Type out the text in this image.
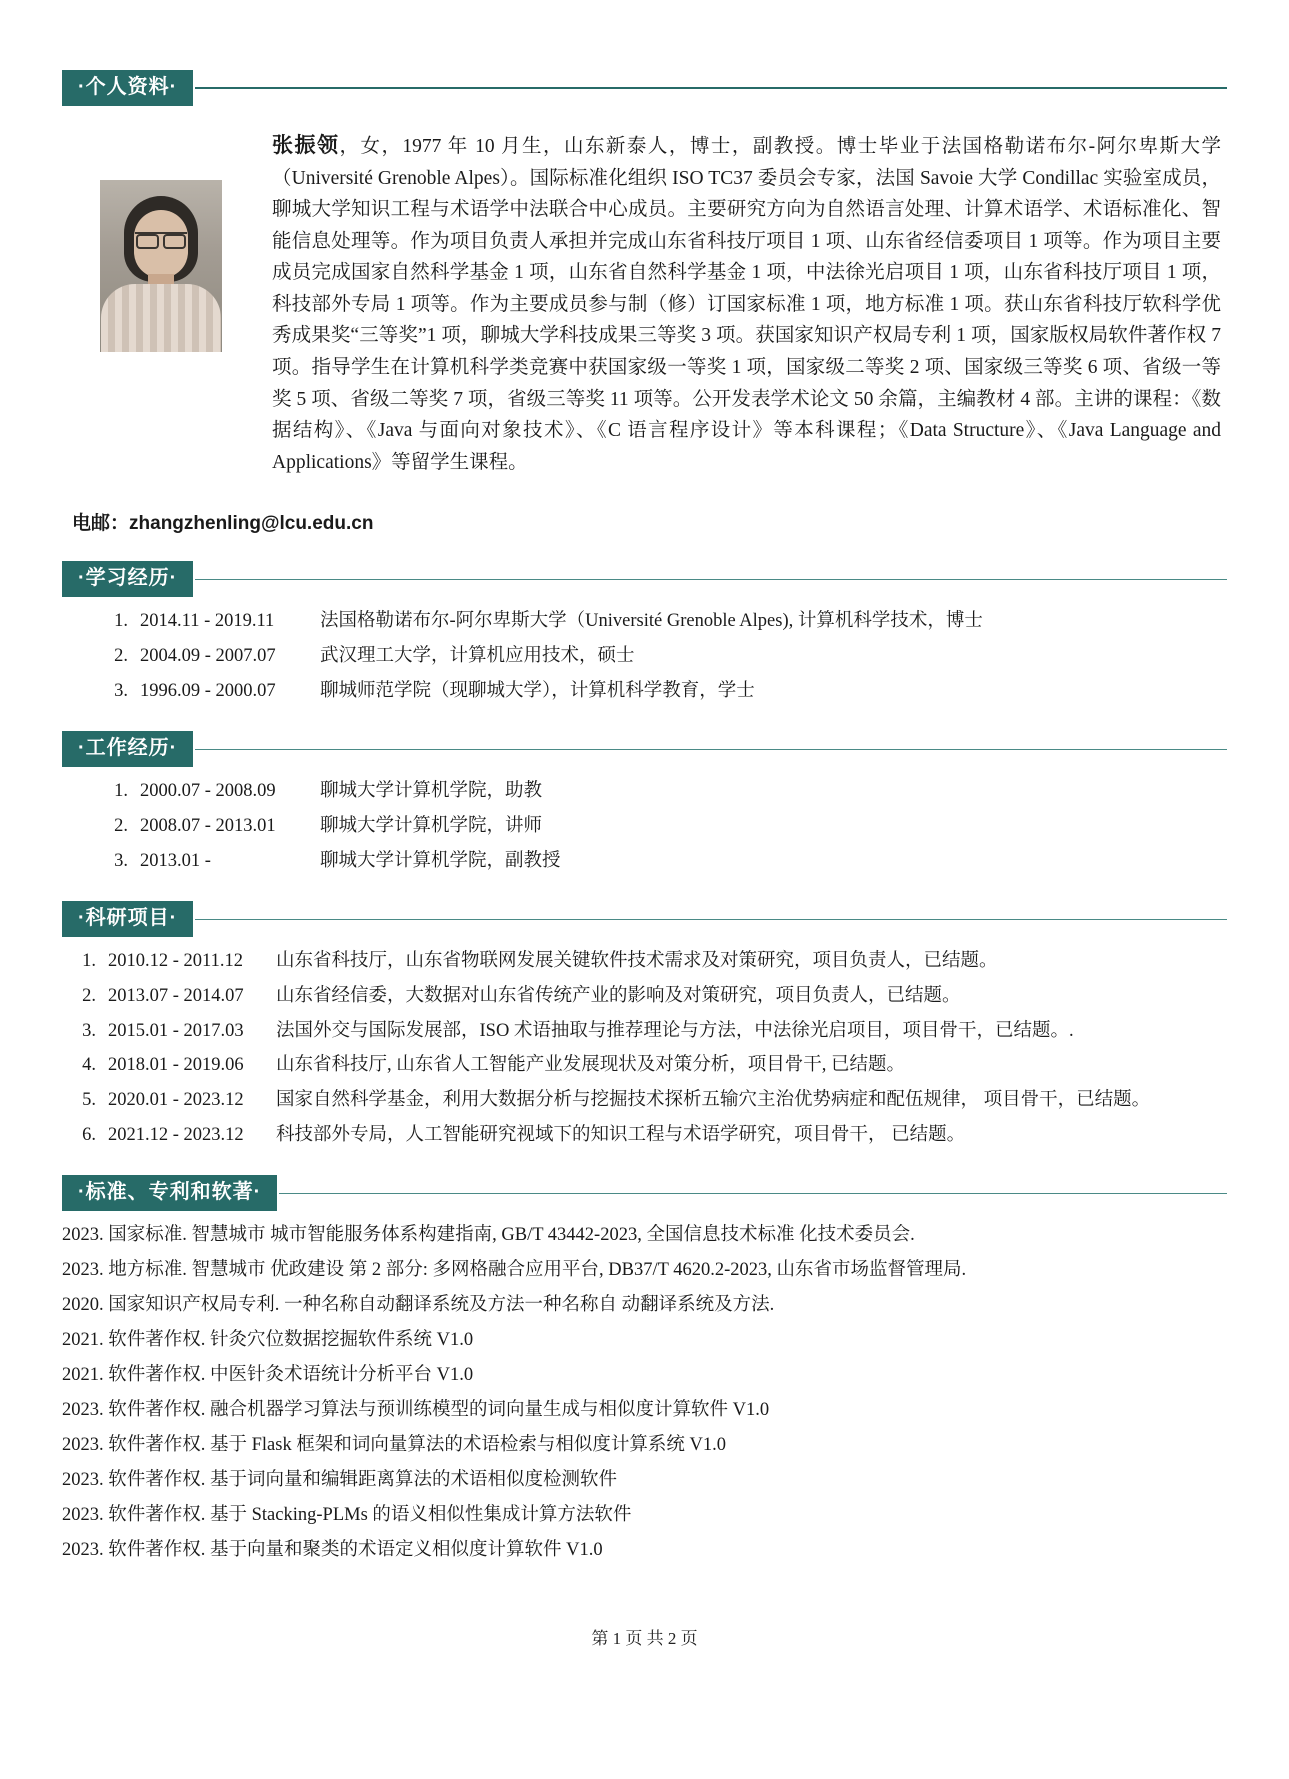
·个人资料·

张振领，女，1977 年 10 月生，山东新泰人，博士，副教授。博士毕业于法国格勒诺布尔-阿尔卑斯大学（Université Grenoble Alpes）。国际标准化组织 ISO TC37 委员会专家，法国 Savoie 大学 Condillac 实验室成员，聊城大学知识工程与术语学中法联合中心成员。主要研究方向为自然语言处理、计算术语学、术语标准化、智能信息处理等。作为项目负责人承担并完成山东省科技厅项目 1 项、山东省经信委项目 1 项等。作为项目主要成员完成国家自然科学基金 1 项，山东省自然科学基金 1 项，中法徐光启项目 1 项，山东省科技厅项目 1 项，科技部外专局 1 项等。作为主要成员参与制（修）订国家标准 1 项，地方标准 1 项。获山东省科技厅软科学优秀成果奖“三等奖”1 项，聊城大学科技成果三等奖 3 项。获国家知识产权局专利 1 项，国家版权局软件著作权 7 项。指导学生在计算机科学类竞赛中获国家级一等奖 1 项，国家级二等奖 2 项、国家级三等奖 6 项、省级一等奖 5 项、省级二等奖 7 项，省级三等奖 11 项等。公开发表学术论文 50 余篇，主编教材 4 部。主讲的课程：《数据结构》、《Java 与面向对象技术》、《C 语言程序设计》等本科课程；《Data Structure》、《Java Language and Applications》等留学生课程。

电邮：zhangzhenling@lcu.edu.cn
·学习经历·
1. 2014.11 - 2019.11	法国格勒诺布尔-阿尔卑斯大学（Université Grenoble Alpes), 计算机科学技术，博士
2. 2004.09 - 2007.07	武汉理工大学，计算机应用技术，硕士
3. 1996.09 - 2000.07	聊城师范学院（现聊城大学），计算机科学教育，学士
·工作经历·
1. 2000.07 - 2008.09	聊城大学计算机学院，助教
2. 2008.07 - 2013.01	聊城大学计算机学院，讲师
3. 2013.01 -	聊城大学计算机学院，副教授
·科研项目·
1. 2010.12 - 2011.12	山东省科技厅，山东省物联网发展关键软件技术需求及对策研究，项目负责人，已结题。
2. 2013.07 - 2014.07	山东省经信委，大数据对山东省传统产业的影响及对策研究，项目负责人，已结题。
3. 2015.01 - 2017.03	法国外交与国际发展部，ISO 术语抽取与推荐理论与方法，中法徐光启项目，项目骨干，已结题。.
4. 2018.01 - 2019.06	山东省科技厅, 山东省人工智能产业发展现状及对策分析，项目骨干, 已结题。
5. 2020.01 - 2023.12	国家自然科学基金，利用大数据分析与挖掘技术探析五输穴主治优势病症和配伍规律， 项目骨干，已结题。
6. 2021.12 - 2023.12	科技部外专局，人工智能研究视域下的知识工程与术语学研究，项目骨干， 已结题。
·标准、专利和软著·
2023. 国家标准. 智慧城市 城市智能服务体系构建指南, GB/T 43442-2023, 全国信息技术标准 化技术委员会.
2023. 地方标准. 智慧城市 优政建设 第 2 部分: 多网格融合应用平台, DB37/T 4620.2-2023, 山东省市场监督管理局.
2020. 国家知识产权局专利. 一种名称自动翻译系统及方法一种名称自 动翻译系统及方法.
2021. 软件著作权. 针灸穴位数据挖掘软件系统 V1.0
2021. 软件著作权. 中医针灸术语统计分析平台 V1.0
2023. 软件著作权. 融合机器学习算法与预训练模型的词向量生成与相似度计算软件 V1.0
2023. 软件著作权. 基于 Flask 框架和词向量算法的术语检索与相似度计算系统 V1.0
2023. 软件著作权. 基于词向量和编辑距离算法的术语相似度检测软件
2023. 软件著作权. 基于 Stacking-PLMs 的语义相似性集成计算方法软件
2023. 软件著作权. 基于向量和聚类的术语定义相似度计算软件 V1.0
第 1 页 共 2 页
